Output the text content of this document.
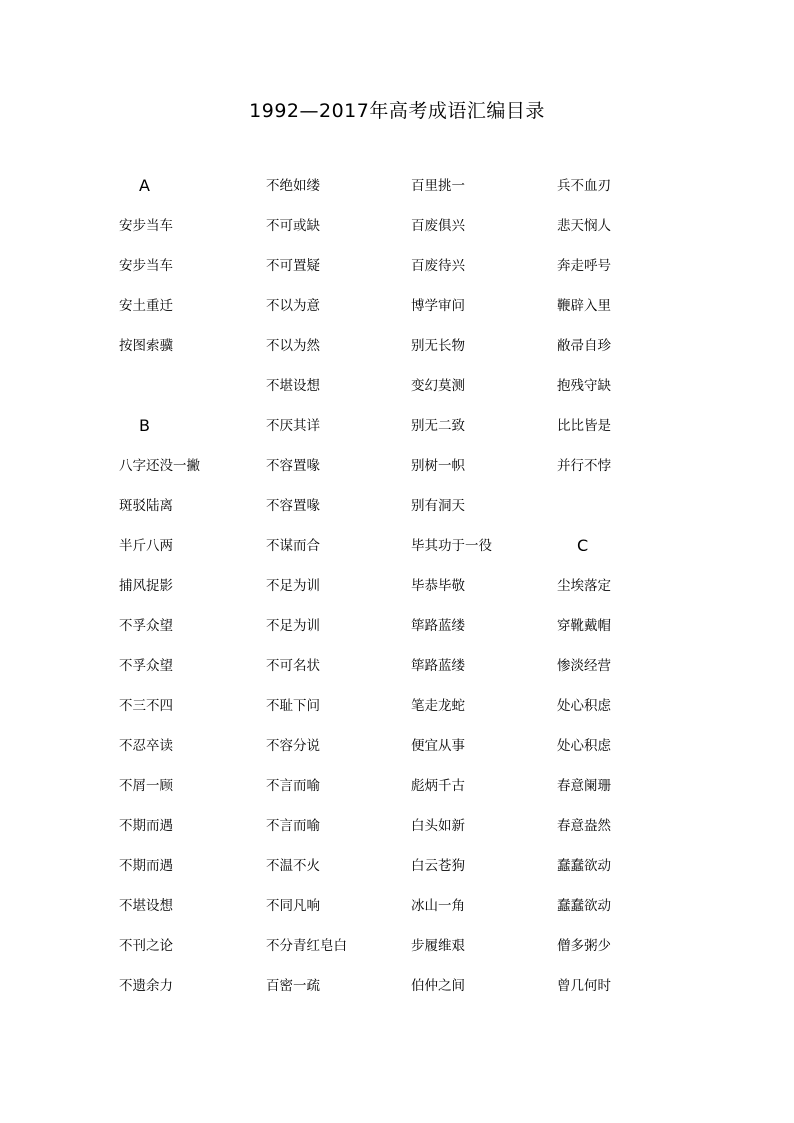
1992—2017年高考成语汇编目录
A
安步当车
安步当车
安土重迁
按图索骥
B
八字还没一撇
斑驳陆离
半斤八两
捕风捉影
不孚众望
不孚众望
不三不四
不忍卒读
不屑一顾
不期而遇
不期而遇
不堪设想
不刊之论
不遗余力
不绝如缕
不可或缺
不可置疑
不以为意
不以为然
不堪设想
不厌其详
不容置喙
不容置喙
不谋而合
不足为训
不足为训
不可名状
不耻下问
不容分说
不言而喻
不言而喻
不温不火
不同凡响
不分青红皂白
百密一疏
百里挑一
百废俱兴
百废待兴
博学审问
别无长物
变幻莫测
别无二致
别树一帜
别有洞天
毕其功于一役
毕恭毕敬
筚路蓝缕
筚路蓝缕
笔走龙蛇
便宜从事
彪炳千古
白头如新
白云苍狗
冰山一角
步履维艰
伯仲之间
兵不血刃
悲天悯人
奔走呼号
鞭辟入里
敝帚自珍
抱残守缺
比比皆是
并行不悖
C
尘埃落定
穿靴戴帽
惨淡经营
处心积虑
处心积虑
春意阑珊
春意盎然
蠢蠢欲动
蠢蠢欲动
僧多粥少
曾几何时
